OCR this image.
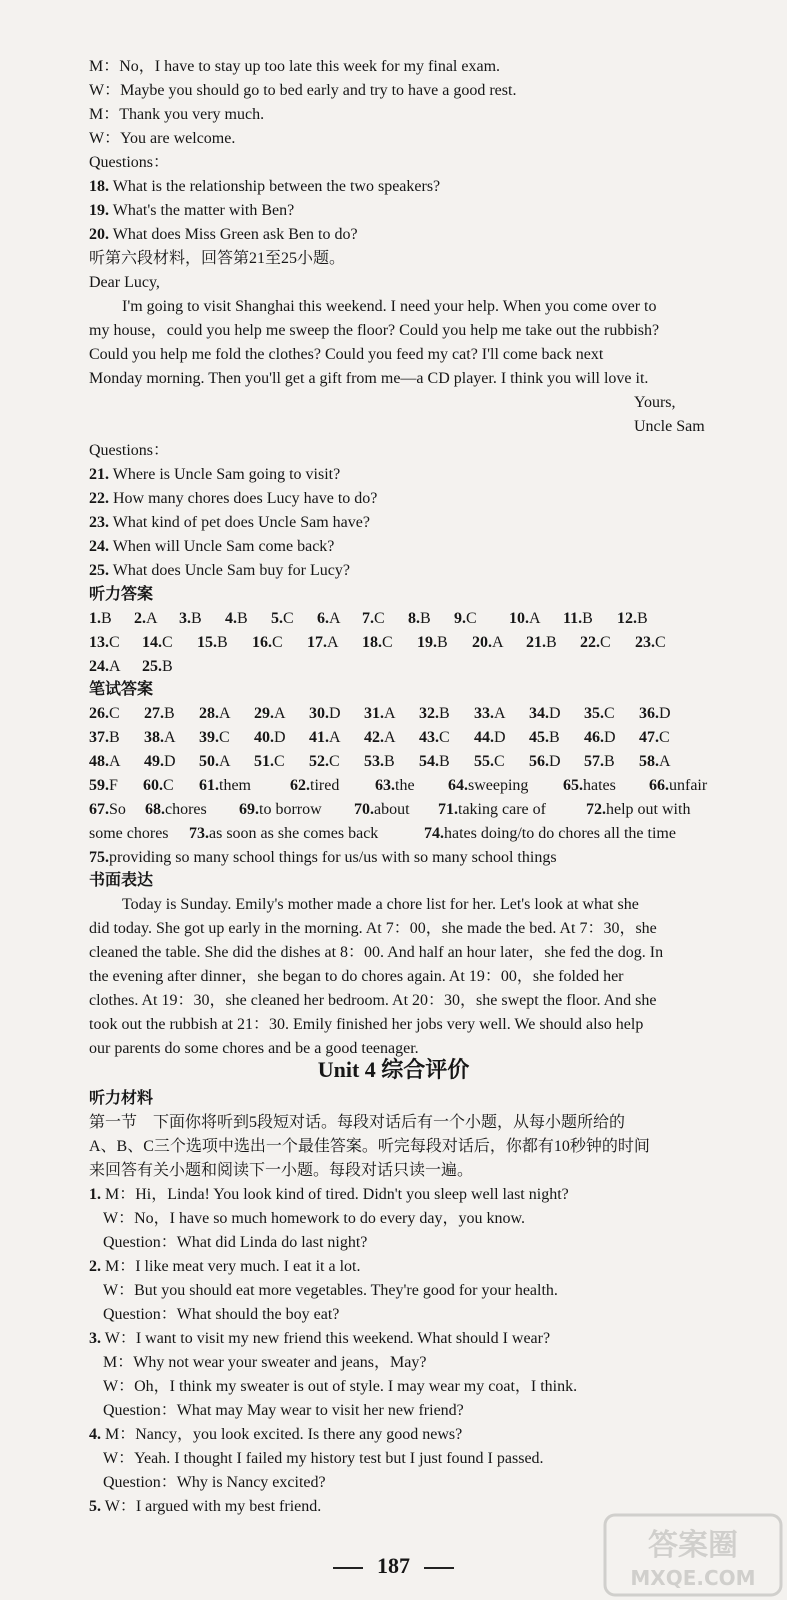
M：No，I have to stay up too late this week for my final exam.
W：Maybe you should go to bed early and try to have a good rest.
M：Thank you very much.
W：You are welcome.
Questions：
18. What is the relationship between the two speakers?
19. What's the matter with Ben?
20. What does Miss Green ask Ben to do?
听第六段材料，回答第21至25小题。
Dear Lucy,
I'm going to visit Shanghai this weekend. I need your help. When you come over to
my house，could you help me sweep the floor? Could you help me take out the rubbish?
Could you help me fold the clothes? Could you feed my cat? I'll come back next
Monday morning. Then you'll get a gift from me—a CD player. I think you will love it.
Yours,
Uncle Sam
Questions：
21. Where is Uncle Sam going to visit?
22. How many chores does Lucy have to do?
23. What kind of pet does Uncle Sam have?
24. When will Uncle Sam come back?
25. What does Uncle Sam buy for Lucy?
听力答案
1.B 2.A 3.B 4.B 5.C 6.A 7.C 8.B 9.C 10.A 11.B 12.B
13.C 14.C 15.B 16.C 17.A 18.C 19.B 20.A 21.B 22.C 23.C
24.A 25.B
笔试答案
26.C 27.B 28.A 29.A 30.D 31.A 32.B 33.A 34.D 35.C 36.D
37.B 38.A 39.C 40.D 41.A 42.A 43.C 44.D 45.B 46.D 47.C
48.A 49.D 50.A 51.C 52.C 53.B 54.B 55.C 56.D 57.B 58.A
59.F 60.C 61.them 62.tired 63.the 64.sweeping 65.hates 66.unfair
67.So 68.chores 69.to borrow 70.about 71.taking care of	72.help out with
some chores 73.as soon as she comes back	74.hates doing/to do chores all the time
75.providing so many school things for us/us with so many school things
书面表达
Today is Sunday. Emily's mother made a chore list for her. Let's look at what she
did today. She got up early in the morning. At 7：00，she made the bed. At 7：30，she
cleaned the table. She did the dishes at 8：00. And half an hour later，she fed the dog. In
the evening after dinner，she began to do chores again. At 19：00，she folded her
clothes. At 19：30，she cleaned her bedroom. At 20：30，she swept the floor. And she
took out the rubbish at 21：30. Emily finished her jobs very well. We should also help
our parents do some chores and be a good teenager.
Unit 4 综合评价
听力材料
第一节　下面你将听到5段短对话。每段对话后有一个小题，从每小题所给的
A、B、C三个选项中选出一个最佳答案。听完每段对话后，你都有10秒钟的时间
来回答有关小题和阅读下一小题。每段对话只读一遍。
1. M：Hi，Linda! You look kind of tired. Didn't you sleep well last night?
W：No，I have so much homework to do every day，you know.
Question：What did Linda do last night?
2. M：I like meat very much. I eat it a lot.
W：But you should eat more vegetables. They're good for your health.
Question：What should the boy eat?
3. W：I want to visit my new friend this weekend. What should I wear?
M：Why not wear your sweater and jeans，May?
W：Oh，I think my sweater is out of style. I may wear my coat，I think.
Question：What may May wear to visit her new friend?
4. M：Nancy，you look excited. Is there any good news?
W：Yeah. I thought I failed my history test but I just found I passed.
Question：Why is Nancy excited?
5. W：I argued with my best friend.
187
答案圈
MXQE.COM
